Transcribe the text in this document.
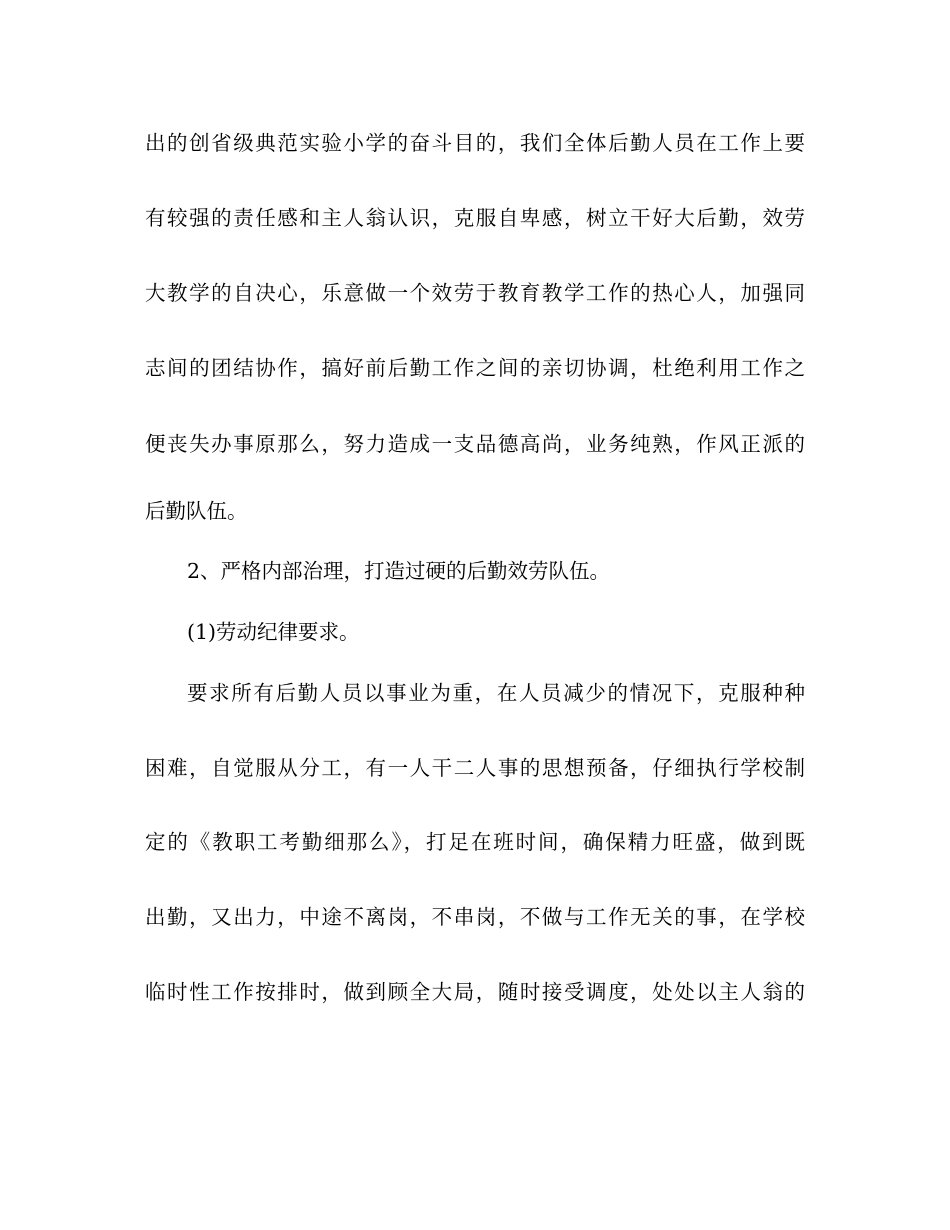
出的创省级典范实验小学的奋斗目的，我们全体后勤人员在工作上要
有较强的责任感和主人翁认识，克服自卑感，树立干好大后勤，效劳
大教学的自决心，乐意做一个效劳于教育教学工作的热心人，加强同
志间的团结协作，搞好前后勤工作之间的亲切协调，杜绝利用工作之
便丧失办事原那么，努力造成一支品德高尚，业务纯熟，作风正派的
后勤队伍。
2、严格内部治理，打造过硬的后勤效劳队伍。
(1)劳动纪律要求。
要求所有后勤人员以事业为重，在人员减少的情况下，克服种种
困难，自觉服从分工，有一人干二人事的思想预备，仔细执行学校制
定的《教职工考勤细那么》，打足在班时间，确保精力旺盛，做到既
出勤，又出力，中途不离岗，不串岗，不做与工作无关的事，在学校
临时性工作按排时，做到顾全大局，随时接受调度，处处以主人翁的
